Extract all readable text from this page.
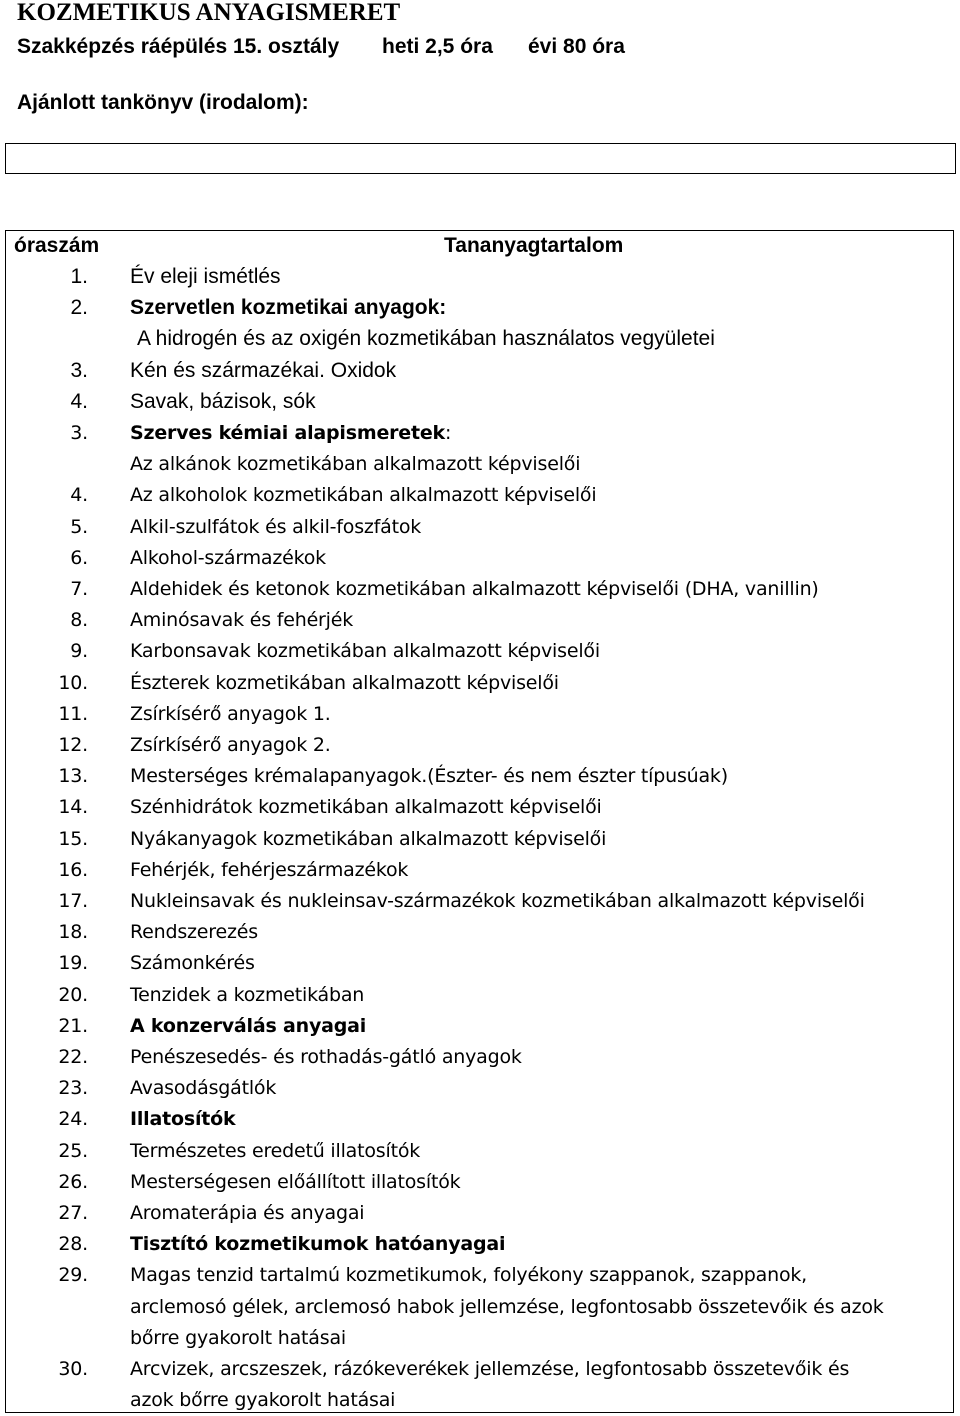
KOZMETIKUS ANYAGISMERET
Szakképzés ráépülés 15. osztály heti 2,5 óra évi 80 óra
Ajánlott tankönyv (irodalom):
óraszám	Tananyagtartalom
1. Év eleji ismétlés
2. Szervetlen kozmetikai anyagok:
A hidrogén és az oxigén kozmetikában használatos vegyületei
3. Kén és származékai. Oxidok
4. Savak, bázisok, sók
3. Szerves kémiai alapismeretek:
Az alkánok kozmetikában alkalmazott képviselői
4. Az alkoholok kozmetikában alkalmazott képviselői
5. Alkil-szulfátok és alkil-foszfátok
6. Alkohol-származékok
7. Aldehidek és ketonok kozmetikában alkalmazott képviselői (DHA, vanillin)
8. Aminósavak és fehérjék
9. Karbonsavak kozmetikában alkalmazott képviselői
10. Észterek kozmetikában alkalmazott képviselői
11. Zsírkísérő anyagok 1.
12. Zsírkísérő anyagok 2.
13. Mesterséges krémalapanyagok.(Észter- és nem észter típusúak)
14. Szénhidrátok kozmetikában alkalmazott képviselői
15. Nyákanyagok kozmetikában alkalmazott képviselői
16. Fehérjék, fehérjeszármazékok
17. Nukleinsavak és nukleinsav-származékok kozmetikában alkalmazott képviselői
18. Rendszerezés
19. Számonkérés
20. Tenzidek a kozmetikában
21. A konzerválás anyagai
22. Penészesedés- és rothadás-gátló anyagok
23. Avasodásgátlók
24. Illatosítók
25. Természetes eredetű illatosítók
26. Mesterségesen előállított illatosítók
27. Aromaterápia és anyagai
28. Tisztító kozmetikumok hatóanyagai
29. Magas tenzid tartalmú kozmetikumok, folyékony szappanok, szappanok,
arclemosó gélek, arclemosó habok jellemzése, legfontosabb összetevőik és azok
bőrre gyakorolt hatásai
30. Arcvizek, arcszeszek, rázókeverékek jellemzése, legfontosabb összetevőik és
azok bőrre gyakorolt hatásai
